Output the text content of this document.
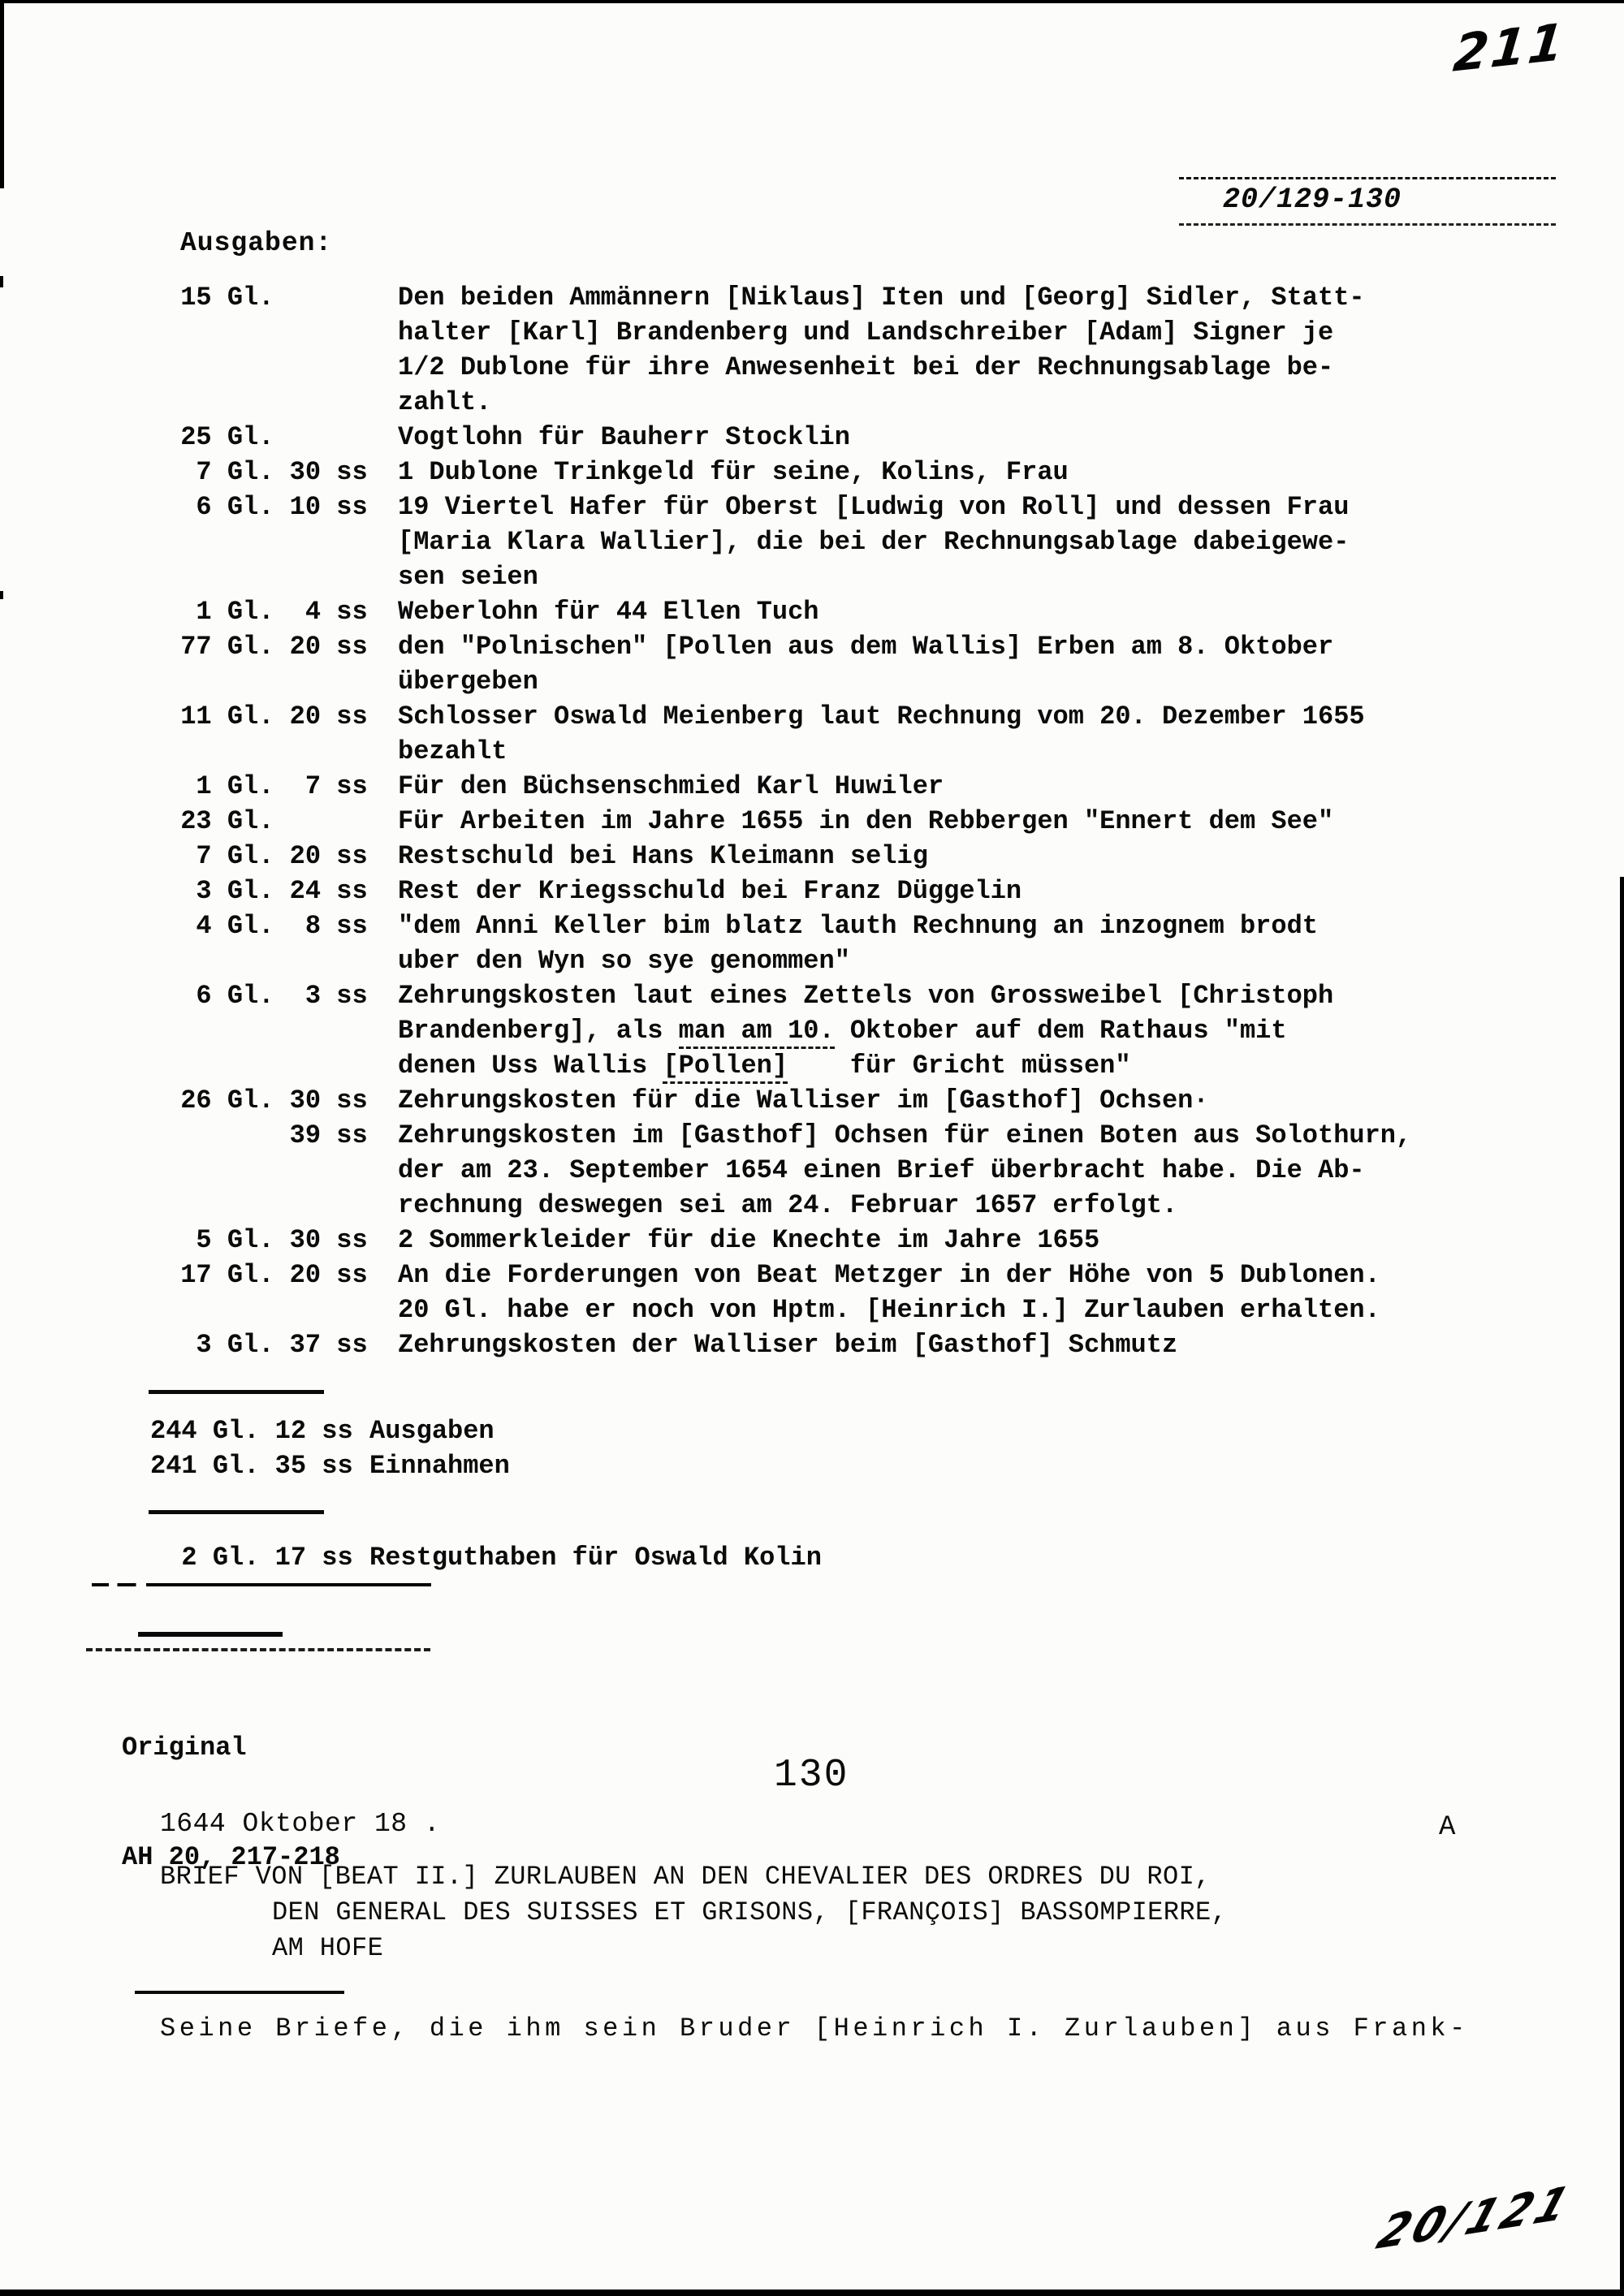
211
20/121
20/129-130
Ausgaben:
15 Gl.	Den beiden Ammännern [Niklaus] Iten und [Georg] Sidler, Statt-
halter [Karl] Brandenberg und Landschreiber [Adam] Signer je
1/2 Dublone für ihre Anwesenheit bei der Rechnungsablage be-
zahlt.
25 Gl.	Vogtlohn für Bauherr Stocklin
7 Gl. 30 ss	1 Dublone Trinkgeld für seine, Kolins, Frau
6 Gl. 10 ss	19 Viertel Hafer für Oberst [Ludwig von Roll] und dessen Frau
[Maria Klara Wallier], die bei der Rechnungsablage dabeigewe-
sen seien
1 Gl.  4 ss	Weberlohn für 44 Ellen Tuch
77 Gl. 20 ss	den "Polnischen" [Pollen aus dem Wallis] Erben am 8. Oktober
übergeben
11 Gl. 20 ss	Schlosser Oswald Meienberg laut Rechnung vom 20. Dezember 1655
bezahlt
1 Gl.  7 ss	Für den Büchsenschmied Karl Huwiler
23 Gl.	Für Arbeiten im Jahre 1655 in den Rebbergen "Ennert dem See"
7 Gl. 20 ss	Restschuld bei Hans Kleimann selig
3 Gl. 24 ss	Rest der Kriegsschuld bei Franz Düggelin
4 Gl.  8 ss	"dem Anni Keller bim blatz lauth Rechnung an inzognem brodt
uber den Wyn so sye genommen"
6 Gl.  3 ss	Zehrungskosten laut eines Zettels von Grossweibel [Christoph
Brandenberg], als man am 10. Oktober auf dem Rathaus "mit
denen Uss Wallis [Pollen]    für Gricht müssen"
26 Gl. 30 ss	Zehrungskosten für die Walliser im [Gasthof] Ochsen·
39 ss	Zehrungskosten im [Gasthof] Ochsen für einen Boten aus Solothurn,
der am 23. September 1654 einen Brief überbracht habe. Die Ab-
rechnung deswegen sei am 24. Februar 1657 erfolgt.
5 Gl. 30 ss	2 Sommerkleider für die Knechte im Jahre 1655
17 Gl. 20 ss	An die Forderungen von Beat Metzger in der Höhe von 5 Dublonen.
20 Gl. habe er noch von Hptm. [Heinrich I.] Zurlauben erhalten.
3 Gl. 37 ss	Zehrungskosten der Walliser beim [Gasthof] Schmutz
244 Gl. 12 ss Ausgaben
241 Gl. 35 ss Einnahmen
2 Gl. 17 ss Restguthaben für Oswald Kolin

Original

AH 20, 217-218

130
1644 Oktober 18 .	A
BRIEF VON [BEAT II.] ZURLAUBEN AN DEN CHEVALIER DES ORDRES DU ROI,
DEN GENERAL DES SUISSES ET GRISONS, [FRANÇOIS] BASSOMPIERRE,
AM HOFE
Seine Briefe, die ihm sein Bruder [Heinrich I. Zurlauben] aus Frank-
